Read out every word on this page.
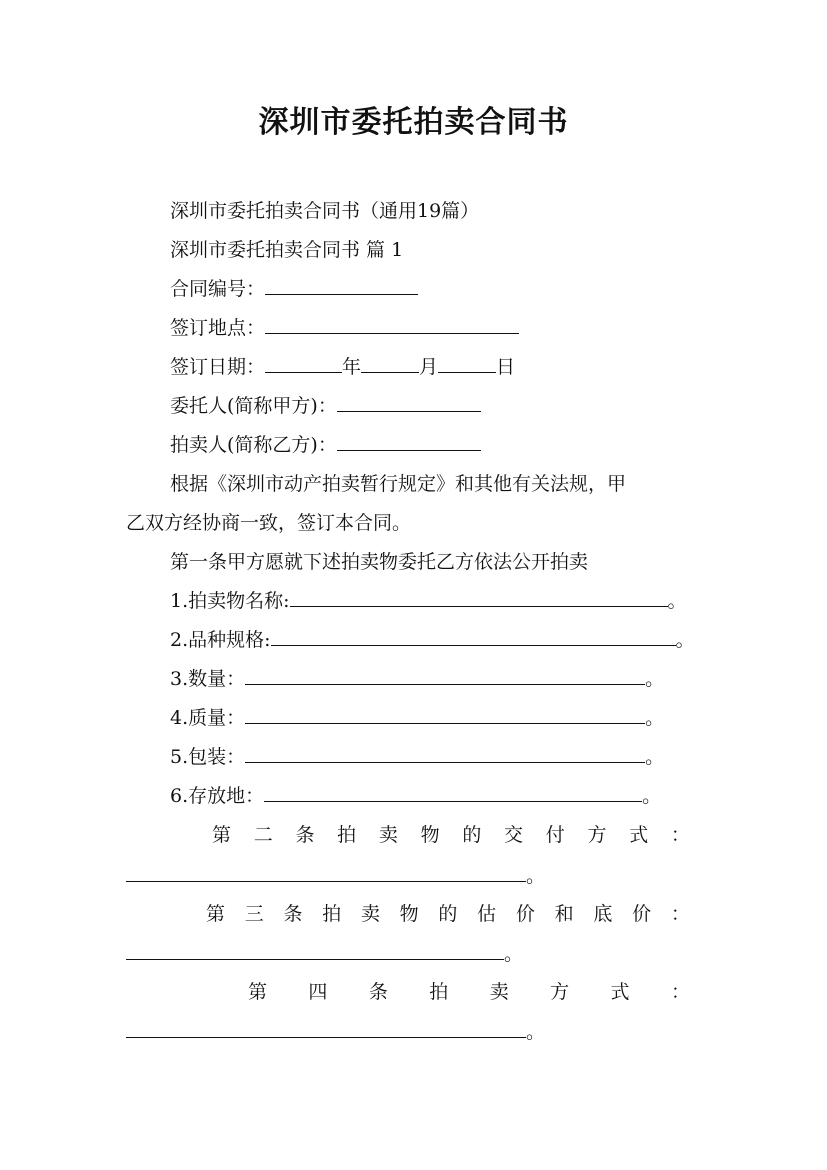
深圳市委托拍卖合同书
深圳市委托拍卖合同书（通用19篇）
深圳市委托拍卖合同书 篇 1
合同编号：
签订地点：
签订日期：	年	月	日
委托人(简称甲方)：
拍卖人(简称乙方)：
根据《深圳市动产拍卖暂行规定》和其他有关法规，甲
乙双方经协商一致，签订本合同。
第一条甲方愿就下述拍卖物委托乙方依法公开拍卖
1.拍卖物名称:	。
2.品种规格:	。
3.数量：	。
4.质量：	。
5.包装：	。
6.存放地：	。
第 二 条 拍 卖 物 的 交 付 方 式 ：
。
第 三 条 拍 卖 物 的 估 价 和 底 价 ：
。
第 四 条 拍 卖 方 式 ：
。
